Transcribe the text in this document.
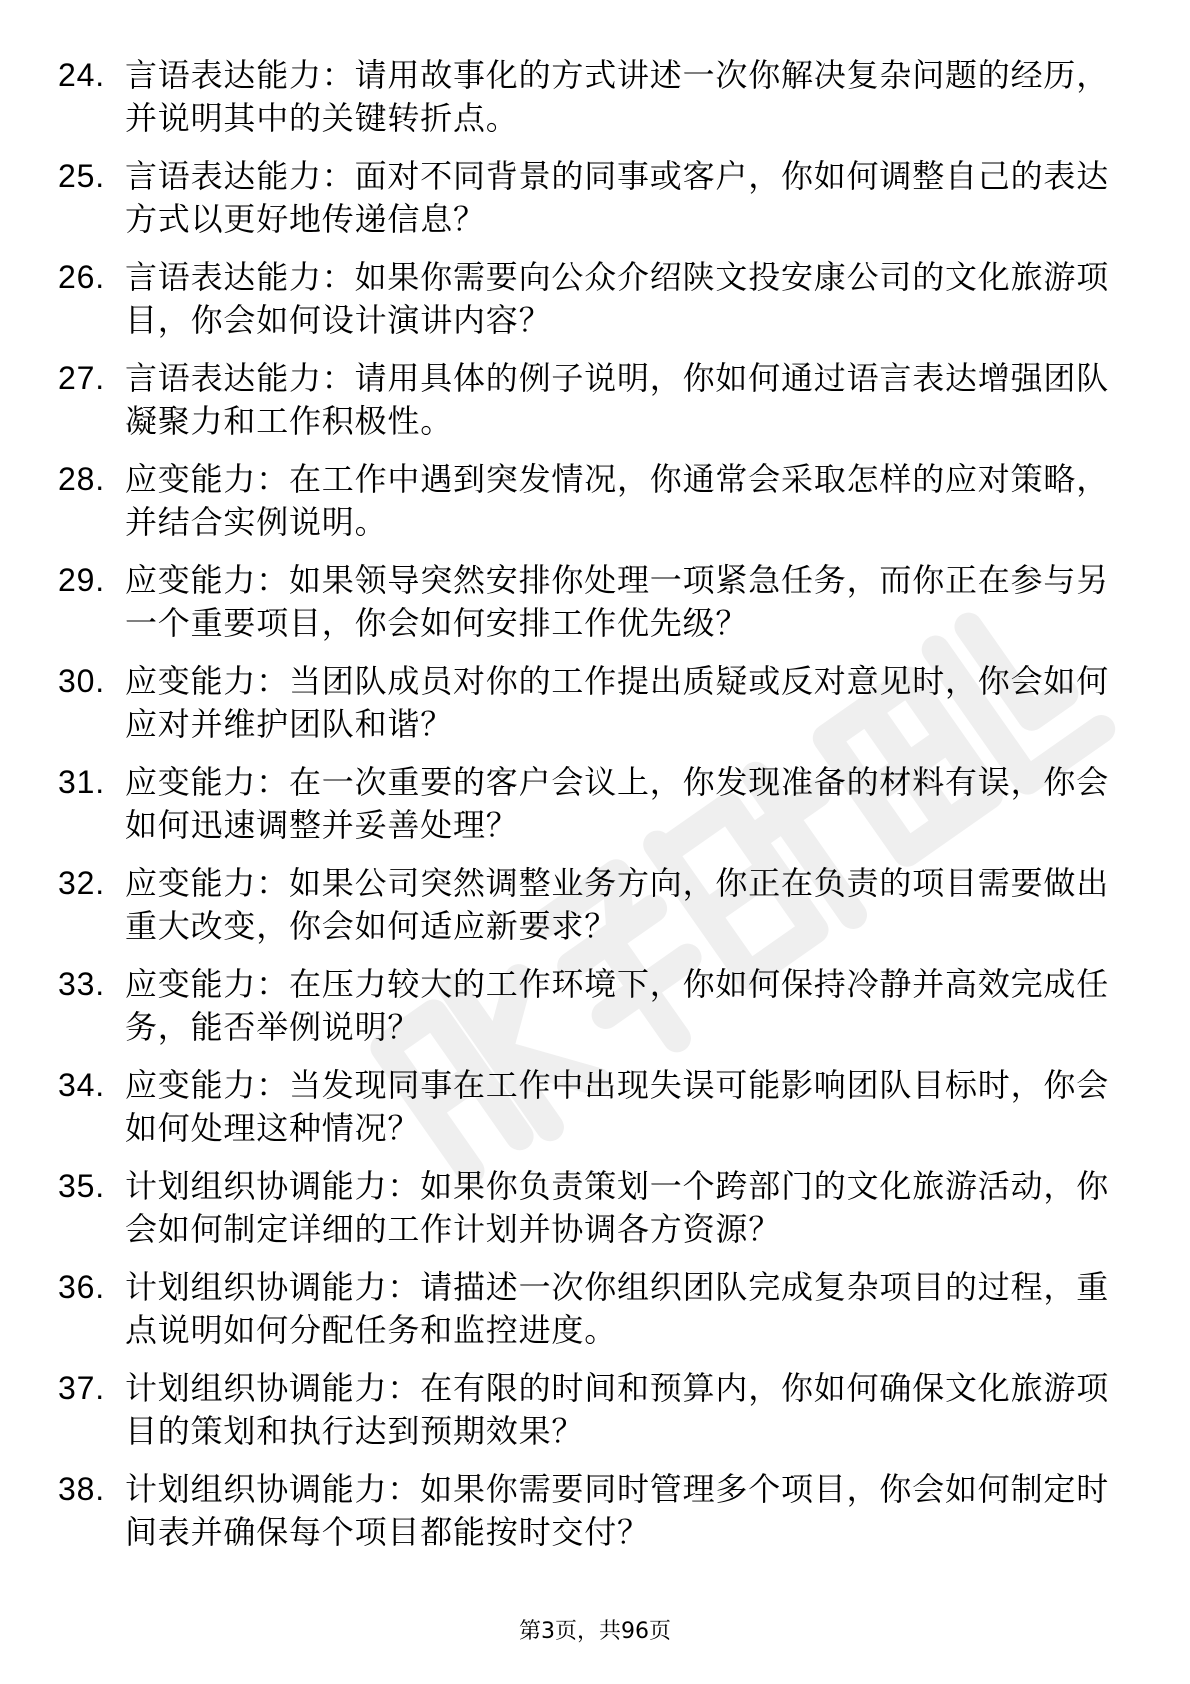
24. 言语表达能力：请用故事化的方式讲述一次你解决复杂问题的经历，并说明其中的关键转折点。
25. 言语表达能力：面对不同背景的同事或客户，你如何调整自己的表达方式以更好地传递信息？
26. 言语表达能力：如果你需要向公众介绍陕文投安康公司的文化旅游项目，你会如何设计演讲内容？
27. 言语表达能力：请用具体的例子说明，你如何通过语言表达增强团队凝聚力和工作积极性。
28. 应变能力：在工作中遇到突发情况，你通常会采取怎样的应对策略，并结合实例说明。
29. 应变能力：如果领导突然安排你处理一项紧急任务，而你正在参与另一个重要项目，你会如何安排工作优先级？
30. 应变能力：当团队成员对你的工作提出质疑或反对意见时，你会如何应对并维护团队和谐？
31. 应变能力：在一次重要的客户会议上，你发现准备的材料有误，你会如何迅速调整并妥善处理？
32. 应变能力：如果公司突然调整业务方向，你正在负责的项目需要做出重大改变，你会如何适应新要求？
33. 应变能力：在压力较大的工作环境下，你如何保持冷静并高效完成任务，能否举例说明？
34. 应变能力：当发现同事在工作中出现失误可能影响团队目标时，你会如何处理这种情况？
35. 计划组织协调能力：如果你负责策划一个跨部门的文化旅游活动，你会如何制定详细的工作计划并协调各方资源？
36. 计划组织协调能力：请描述一次你组织团队完成复杂项目的过程，重点说明如何分配任务和监控进度。
37. 计划组织协调能力：在有限的时间和预算内，你如何确保文化旅游项目的策划和执行达到预期效果？
38. 计划组织协调能力：如果你需要同时管理多个项目，你会如何制定时间表并确保每个项目都能按时交付？
第3页，共96页
